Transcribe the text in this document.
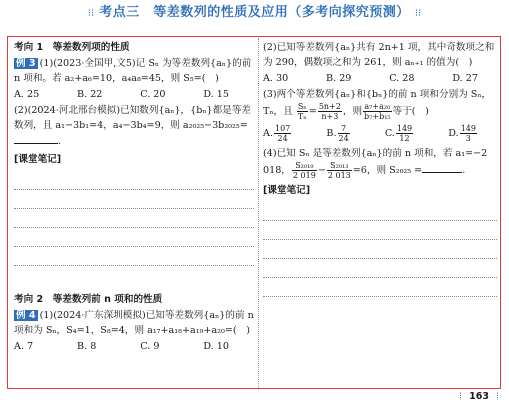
⁝⁝ 考点三　等差数列的性质及应用（多考向探究预测） ⁝⁝
考向 1　等差数列项的性质

例 3 (1)(2023·全国甲,文5)记 Sₙ 为等差数列{aₙ}的前 n 项和。若 a₂+a₆=10，a₄a₈=45，则 S₅=(　)

A. 25	B. 22	C. 20	D. 15

(2)(2024·河北邢台模拟)已知数列{aₙ}，{bₙ}都是等差数列，且 a₁−3b₁=4，a₄−3b₄=9，则 a₂₀₂₅−3b₂₀₂₅=.

[课堂笔记]
考向 2　等差数列前 n 项和的性质

例 4 (1)(2024·广东深圳模拟)已知等差数列{aₙ}的前 n 项和为 Sₙ，S₄=1，S₈=4，则 a₁₇+a₁₈+a₁₉+a₂₀=(　)

A. 7	B. 8	C. 9	D. 10

(2)已知等差数列{aₙ}共有 2n+1 项，其中奇数项之和为 290，偶数项之和为 261，则 aₙ₊₁ 的值为(　)

A. 30	B. 29	C. 28	D. 27

(3)两个等差数列{aₙ}和{bₙ}的前 n 项和分别为 Sₙ，Tₙ，且 $\frac{\text{Sₙ}}{\text{Tₙ}} = \frac{5n+2}{n+3}$ ，则 $\frac{\text{a₇+a₂₀}}{\text{b₇+b₁₅}}$ 等于(　)

A. $\frac{107}{24}$	B. $\frac{7}{24}$	C. $\frac{149}{12}$	D. $\frac{149}{3}$

(4)已知 Sₙ 是等差数列{aₙ}的前 n 项和，若 a₁=−2 018， $\frac{\text{S₂₀₁₉}}{2 019} - \frac{\text{S₂₀₁₃}}{2 013} =6$，则 S₂₀₂₅ =	.

[课堂笔记]
⁝ 163 ⁝
